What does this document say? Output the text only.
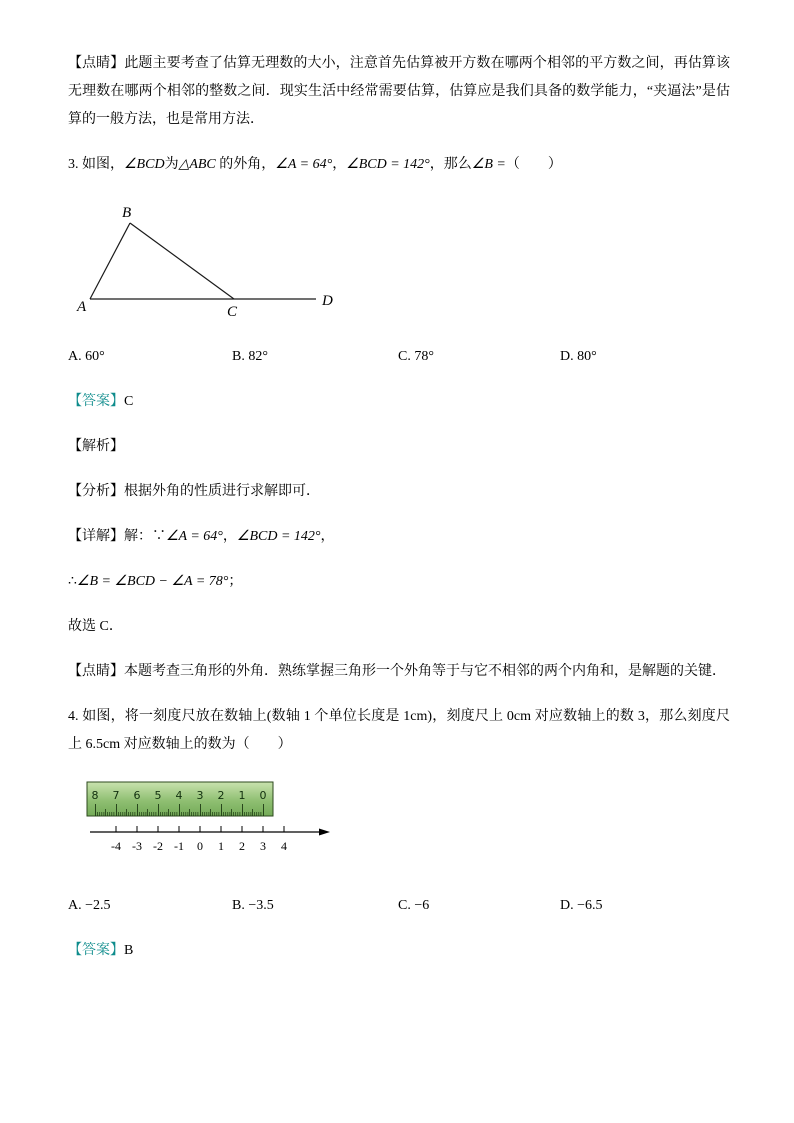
【点睛】此题主要考查了估算无理数的大小，注意首先估算被开方数在哪两个相邻的平方数之间，再估算该无理数在哪两个相邻的整数之间．现实生活中经常需要估算，估算应是我们具备的数学能力，“夹逼法”是估算的一般方法，也是常用方法．

3. 如图，∠BCD为△ABC 的外角，∠A = 64°，∠BCD = 142°，那么∠B =（　　）

A
B
C
D
A. 60°	B. 82°	C. 78°	D. 80°

【答案】C

【解析】

【分析】根据外角的性质进行求解即可．

【详解】解：∵∠A = 64°，∠BCD = 142°，

∴∠B = ∠BCD − ∠A = 78°；

故选 C．

【点睛】本题考查三角形的外角．熟练掌握三角形一个外角等于与它不相邻的两个内角和，是解题的关键．

4. 如图，将一刻度尺放在数轴上(数轴 1 个单位长度是 1cm)，刻度尺上 0cm 对应数轴上的数 3，那么刻度尺上 6.5cm 对应数轴上的数为（　　）

8 7 6 5 4 3 2 1 0
-4 -3 -2 -1 0 1 2 3 4
A. −2.5	B. −3.5	C. −6	D. −6.5

【答案】B
